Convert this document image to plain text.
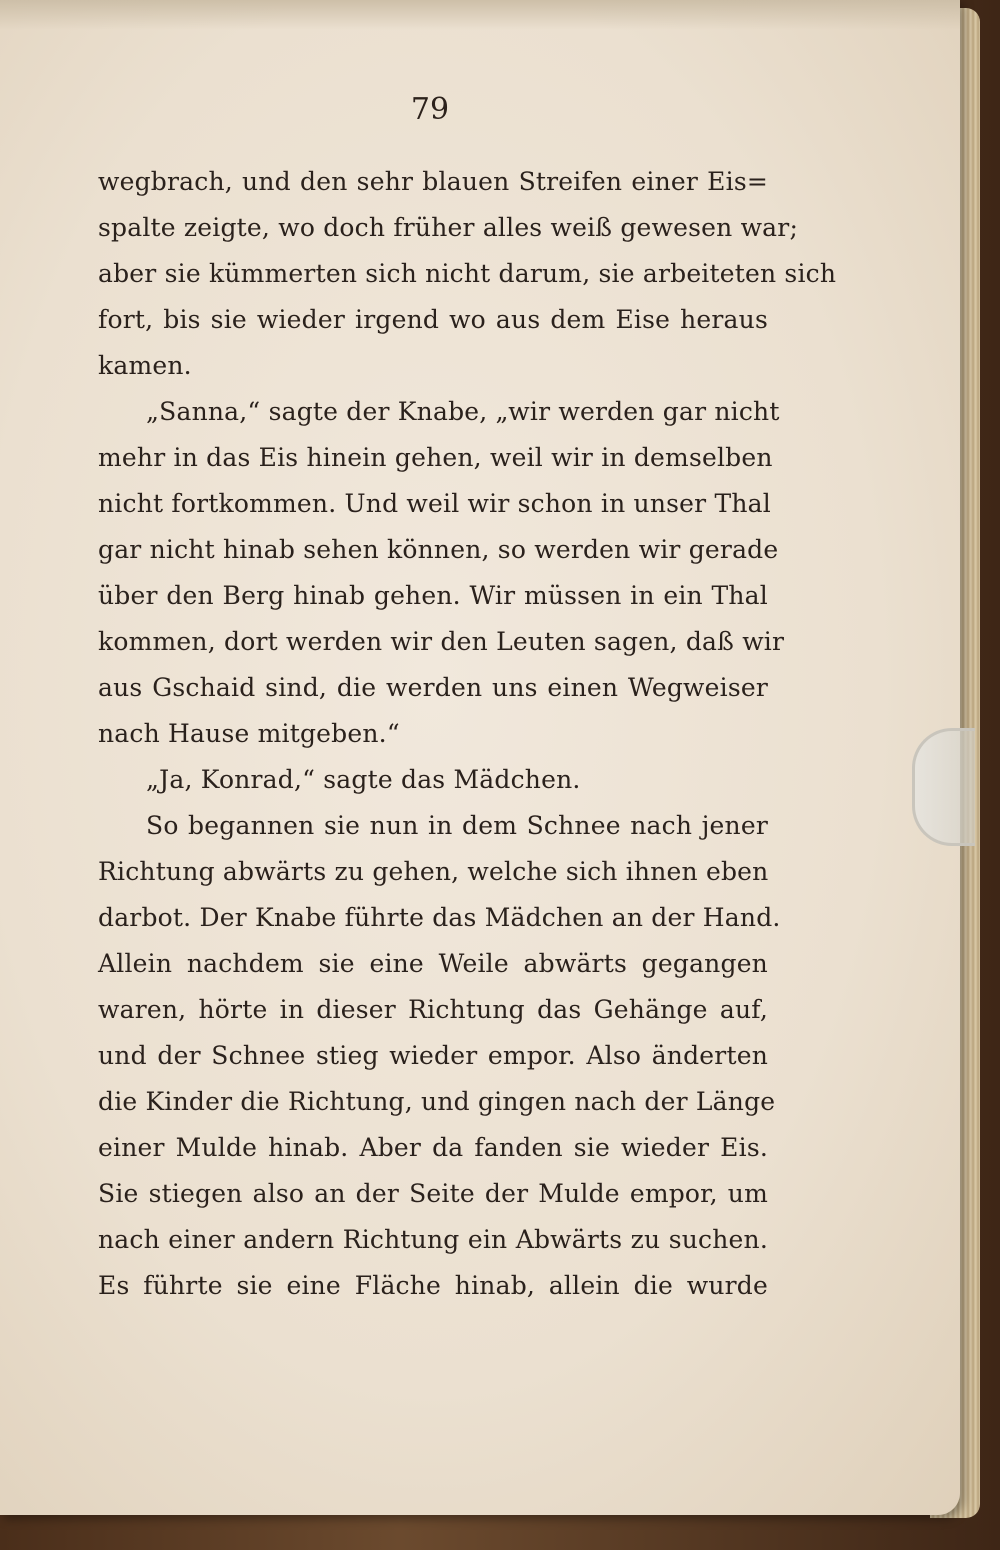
79
wegbrach, und den sehr blauen Streifen einer Eis=
spalte zeigte, wo doch früher alles weiß gewesen war;
aber sie kümmerten sich nicht darum, sie arbeiteten sich
fort, bis sie wieder irgend wo aus dem Eise heraus
kamen.
„Sanna,“ sagte der Knabe, „wir werden gar nicht
mehr in das Eis hinein gehen, weil wir in demselben
nicht fortkommen. Und weil wir schon in unser Thal
gar nicht hinab sehen können, so werden wir gerade
über den Berg hinab gehen. Wir müssen in ein Thal
kommen, dort werden wir den Leuten sagen, daß wir
aus Gschaid sind, die werden uns einen Wegweiser
nach Hause mitgeben.“
„Ja, Konrad,“ sagte das Mädchen.
So begannen sie nun in dem Schnee nach jener
Richtung abwärts zu gehen, welche sich ihnen eben
darbot. Der Knabe führte das Mädchen an der Hand.
Allein nachdem sie eine Weile abwärts gegangen
waren, hörte in dieser Richtung das Gehänge auf,
und der Schnee stieg wieder empor. Also änderten
die Kinder die Richtung, und gingen nach der Länge
einer Mulde hinab. Aber da fanden sie wieder Eis.
Sie stiegen also an der Seite der Mulde empor, um
nach einer andern Richtung ein Abwärts zu suchen.
Es führte sie eine Fläche hinab, allein die wurde
